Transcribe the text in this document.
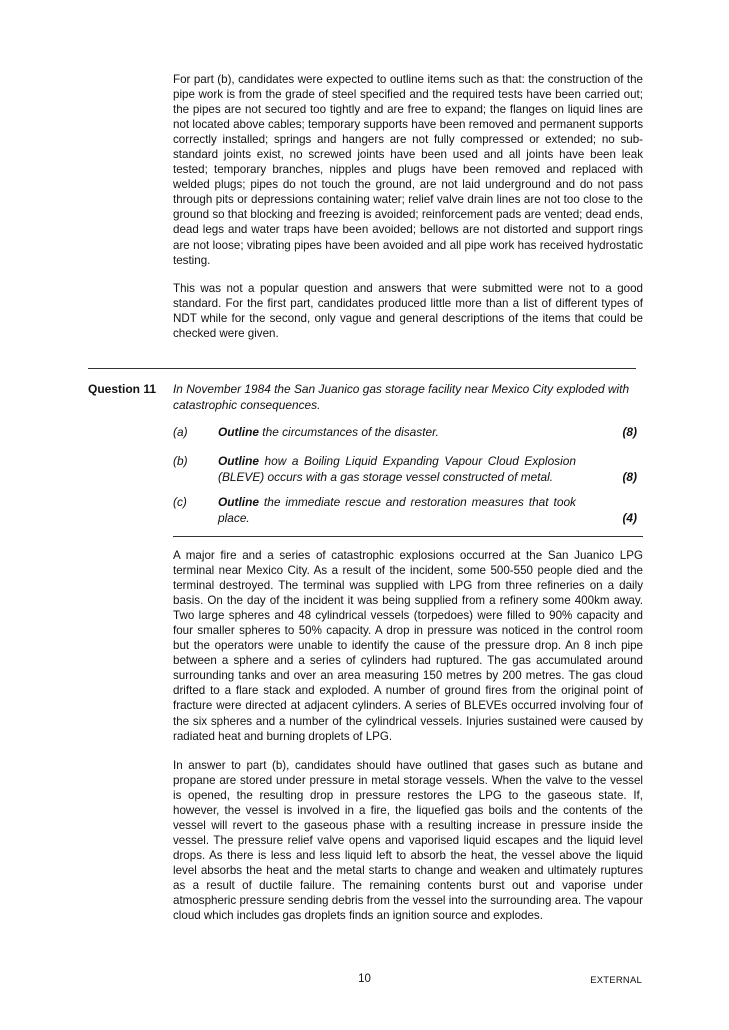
For part (b), candidates were expected to outline items such as that: the construction of the pipe work is from the grade of steel specified and the required tests have been carried out; the pipes are not secured too tightly and are free to expand; the flanges on liquid lines are not located above cables; temporary supports have been removed and permanent supports correctly installed; springs and hangers are not fully compressed or extended; no sub-standard joints exist, no screwed joints have been used and all joints have been leak tested; temporary branches, nipples and plugs have been removed and replaced with welded plugs; pipes do not touch the ground, are not laid underground and do not pass through pits or depressions containing water; relief valve drain lines are not too close to the ground so that blocking and freezing is avoided; reinforcement pads are vented; dead ends, dead legs and water traps have been avoided; bellows are not distorted and support rings are not loose; vibrating pipes have been avoided and all pipe work has received hydrostatic testing.

This was not a popular question and answers that were submitted were not to a good standard. For the first part, candidates produced little more than a list of different types of NDT while for the second, only vague and general descriptions of the items that could be checked were given.

Question 11 In November 1984 the San Juanico gas storage facility near Mexico City exploded with catastrophic consequences.

(a)	Outline the circumstances of the disaster.	(8)
(b)	Outline how a Boiling Liquid Expanding Vapour Cloud Explosion (BLEVE) occurs with a gas storage vessel constructed of metal.	(8)
(c)	Outline the immediate rescue and restoration measures that took place.	(4)

A major fire and a series of catastrophic explosions occurred at the San Juanico LPG terminal near Mexico City. As a result of the incident, some 500-550 people died and the terminal destroyed. The terminal was supplied with LPG from three refineries on a daily basis. On the day of the incident it was being supplied from a refinery some 400km away. Two large spheres and 48 cylindrical vessels (torpedoes) were filled to 90% capacity and four smaller spheres to 50% capacity. A drop in pressure was noticed in the control room but the operators were unable to identify the cause of the pressure drop. An 8 inch pipe between a sphere and a series of cylinders had ruptured. The gas accumulated around surrounding tanks and over an area measuring 150 metres by 200 metres. The gas cloud drifted to a flare stack and exploded. A number of ground fires from the original point of fracture were directed at adjacent cylinders. A series of BLEVEs occurred involving four of the six spheres and a number of the cylindrical vessels. Injuries sustained were caused by radiated heat and burning droplets of LPG.

In answer to part (b), candidates should have outlined that gases such as butane and propane are stored under pressure in metal storage vessels. When the valve to the vessel is opened, the resulting drop in pressure restores the LPG to the gaseous state. If, however, the vessel is involved in a fire, the liquefied gas boils and the contents of the vessel will revert to the gaseous phase with a resulting increase in pressure inside the vessel. The pressure relief valve opens and vaporised liquid escapes and the liquid level drops. As there is less and less liquid left to absorb the heat, the vessel above the liquid level absorbs the heat and the metal starts to change and weaken and ultimately ruptures as a result of ductile failure. The remaining contents burst out and vaporise under atmospheric pressure sending debris from the vessel into the surrounding area. The vapour cloud which includes gas droplets finds an ignition source and explodes.

10	EXTERNAL
